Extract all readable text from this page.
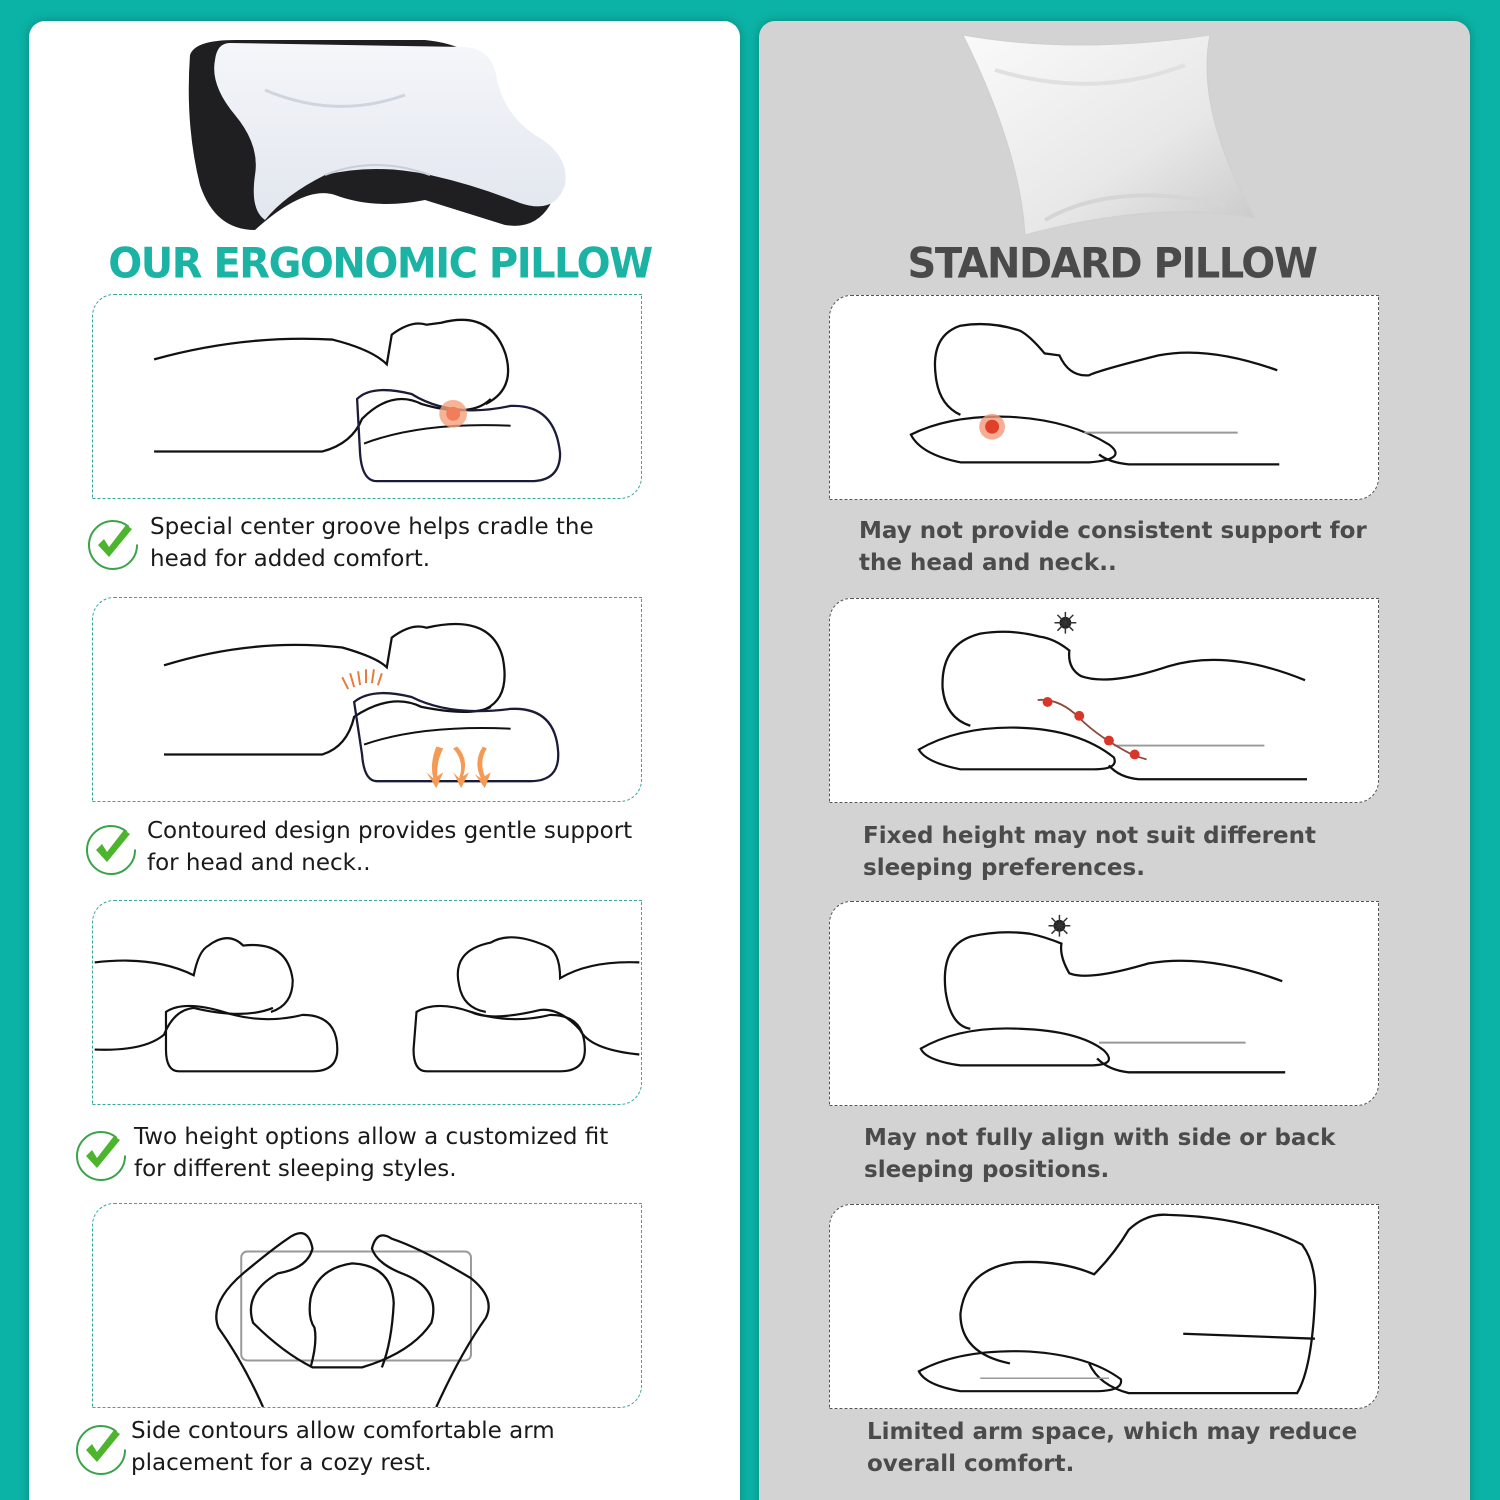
OUR ERGONOMIC PILLOW	STANDARD PILLOW
Special center groove helps cradle the
head for added comfort.
Contoured design provides gentle support
for head and neck..
Two height options allow a customized fit
for different sleeping styles.
Side contours allow comfortable arm
placement for a cozy rest.
May not provide consistent support for
the head and neck..
Fixed height may not suit different
sleeping preferences.
May not fully align with side or back
sleeping positions.
Limited arm space, which may reduce
overall comfort.
